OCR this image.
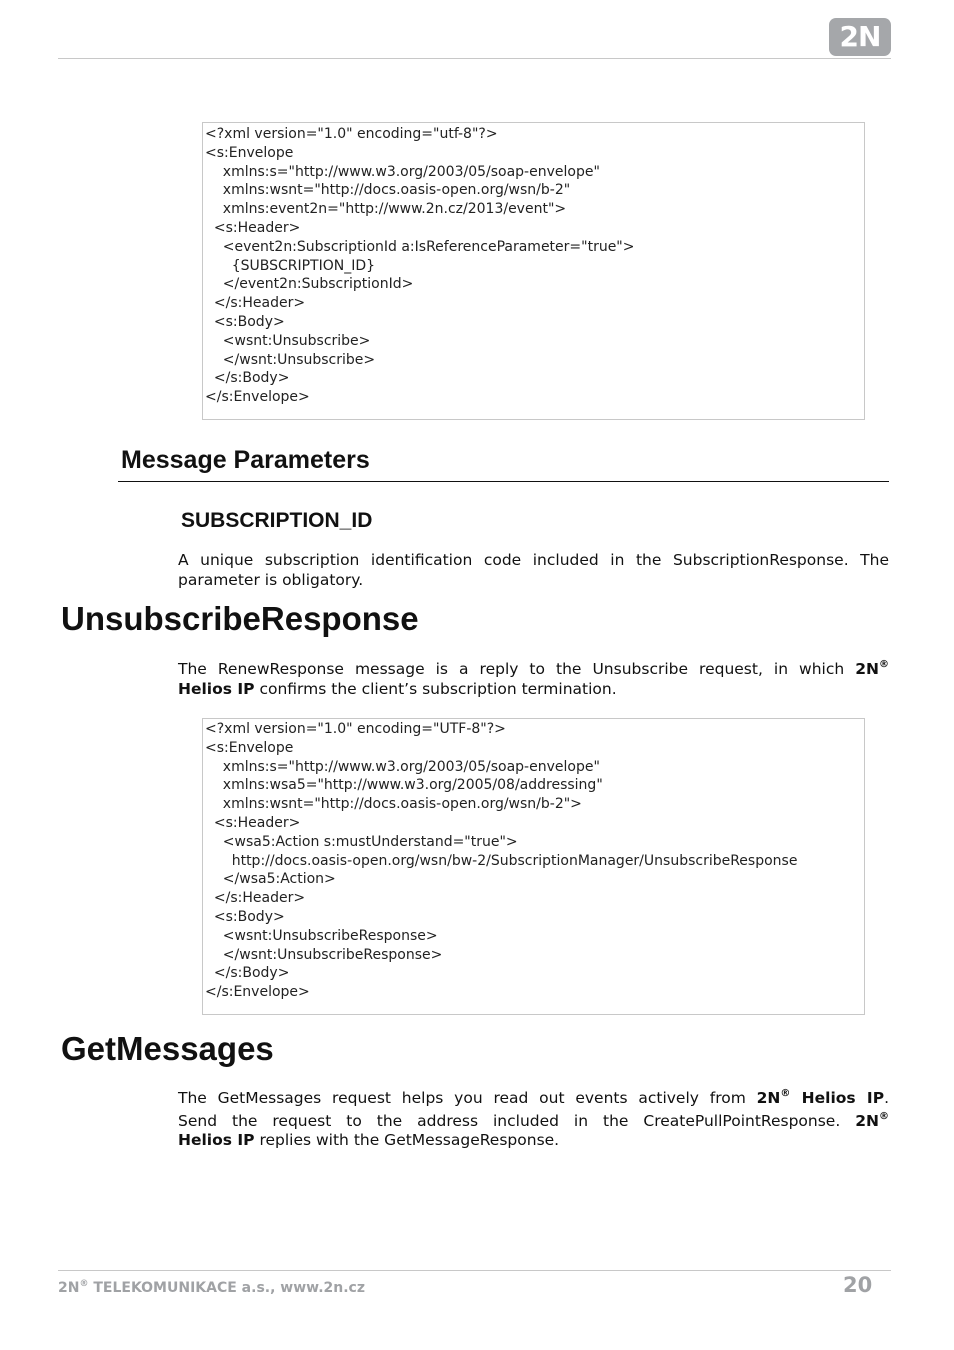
2N
<?xml version="1.0" encoding="utf-8"?>
<s:Envelope
xmlns:s="http://www.w3.org/2003/05/soap-envelope"
xmlns:wsnt="http://docs.oasis-open.org/wsn/b-2"
xmlns:event2n="http://www.2n.cz/2013/event">
<s:Header>
<event2n:SubscriptionId a:IsReferenceParameter="true">
{SUBSCRIPTION_ID}
</event2n:SubscriptionId>
</s:Header>
<s:Body>
<wsnt:Unsubscribe>
</wsnt:Unsubscribe>
</s:Body>
</s:Envelope>
Message Parameters
SUBSCRIPTION_ID
A unique subscription identification code included in the SubscriptionResponse. The
parameter is obligatory.
UnsubscribeResponse
The RenewResponse message is a reply to the Unsubscribe request, in which 2N®
Helios IP confirms the client’s subscription termination.
<?xml version="1.0" encoding="UTF-8"?>
<s:Envelope
xmlns:s="http://www.w3.org/2003/05/soap-envelope"
xmlns:wsa5="http://www.w3.org/2005/08/addressing"
xmlns:wsnt="http://docs.oasis-open.org/wsn/b-2">
<s:Header>
<wsa5:Action s:mustUnderstand="true">
http://docs.oasis-open.org/wsn/bw-2/SubscriptionManager/UnsubscribeResponse
</wsa5:Action>
</s:Header>
<s:Body>
<wsnt:UnsubscribeResponse>
</wsnt:UnsubscribeResponse>
</s:Body>
</s:Envelope>
GetMessages
The GetMessages request helps you read out events actively from 2N® Helios IP.
Send the request to the address included in the CreatePullPointResponse. 2N®
Helios IP replies with the GetMessageResponse.
2N® TELEKOMUNIKACE a.s., www.2n.cz	20
